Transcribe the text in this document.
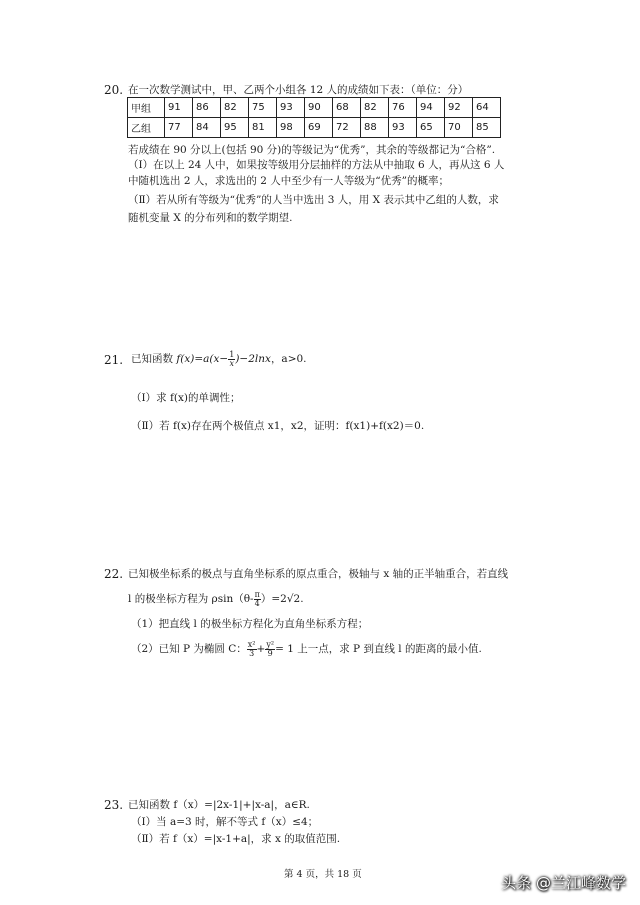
20. 在一次数学测试中，甲、乙两个小组各 12 人的成绩如下表：（单位：分）
甲组	91	86	82	75	93	90	68	82	76	94	92	64
乙组	77	84	95	81	98	69	72	88	93	65	70	85
若成绩在 90 分以上(包括 90 分)的等级记为“优秀”，其余的等级都记为“合格”.
（Ⅰ）在以上 24 人中，如果按等级用分层抽样的方法从中抽取 6 人，再从这 6 人
中随机选出 2 人，求选出的 2 人中至少有一人等级为“优秀”的概率；
（Ⅱ）若从所有等级为“优秀”的人当中选出 3 人，用 X 表示其中乙组的人数，求
随机变量 X 的分布列和的数学期望.
21. 已知函数 $f(x)=a(x- \frac{1}{x} )-2\ln x$，a>0.
（Ⅰ）求 f(x)的单调性；
（Ⅱ）若 f(x)存在两个极值点 x1，x2，证明：f(x1)+f(x2)＝0.
22. 已知极坐标系的极点与直角坐标系的原点重合，极轴与 x 轴的正半轴重合，若直线
l 的极坐标方程为 $\rho\sin(\theta- \frac{\pi}{4} )=2√2$.
（1）把直线 l 的极坐标方程化为直角坐标系方程；
（2）已知 P 为椭圆 C： $\frac{\text{x²}}{3} + \frac{\text{y²}}{9} = 1$ 上一点，求 P 到直线 l 的距离的最小值.
23. 已知函数 f（x）=|2x-1|+|x-a|，a∈R.
（Ⅰ）当 a=3 时，解不等式 f（x）≤4；
（Ⅱ）若 f（x）=|x-1+a|，求 x 的取值范围.
第 4 页，共 18 页	头条 @兰江峰数学
